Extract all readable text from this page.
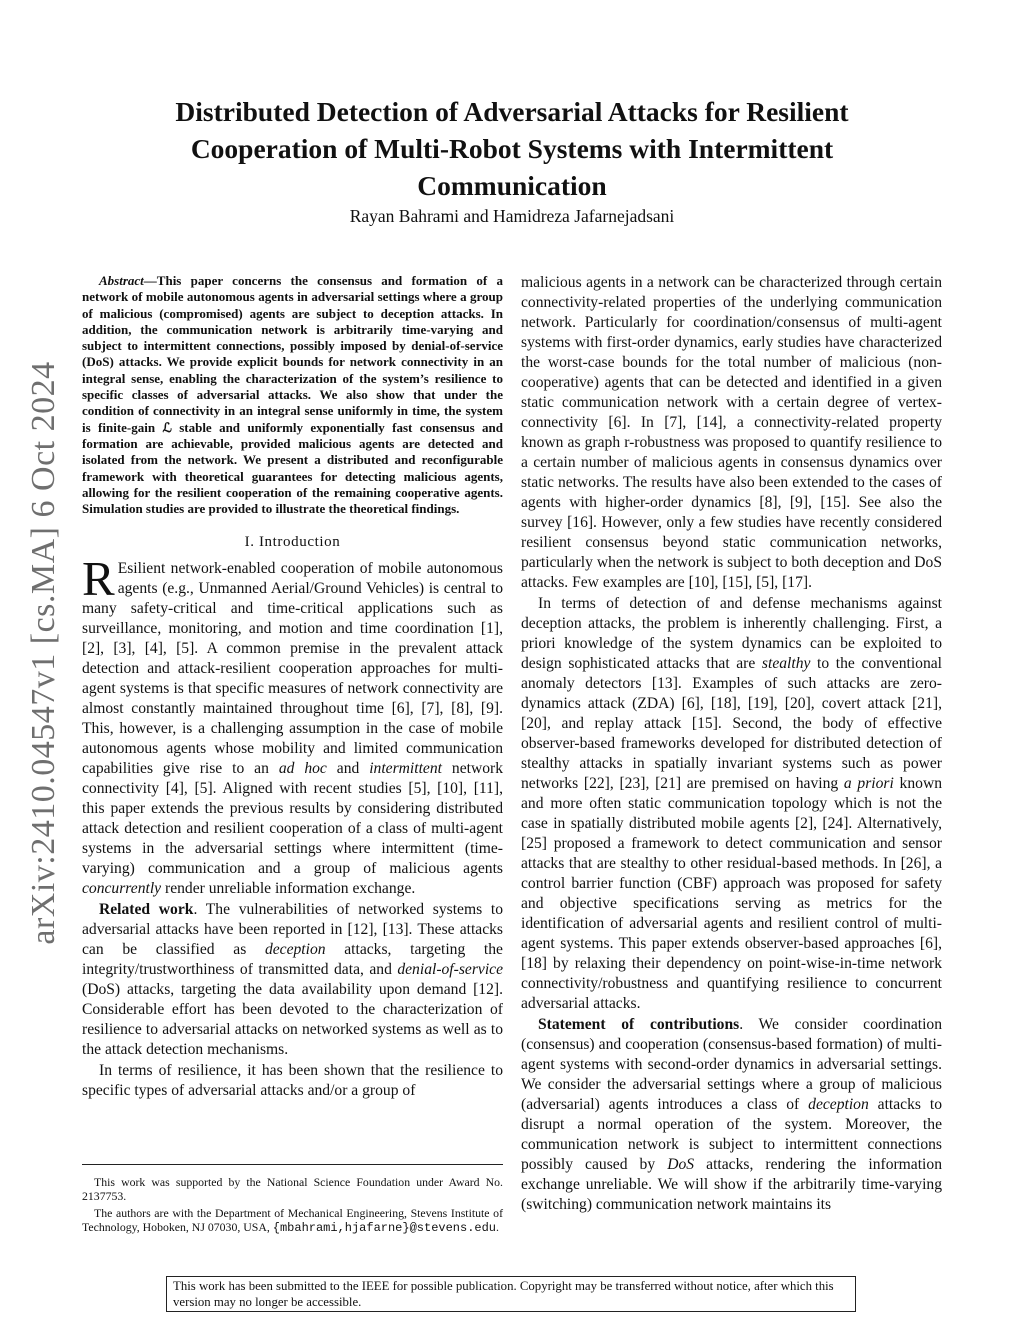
arXiv:2410.04547v1 [cs.MA] 6 Oct 2024
Distributed Detection of Adversarial Attacks for Resilient Cooperation of Multi-Robot Systems with Intermittent Communication
Rayan Bahrami and Hamidreza Jafarnejadsani

Abstract—This paper concerns the consensus and formation of a network of mobile autonomous agents in adversarial settings where a group of malicious (compromised) agents are subject to deception attacks. In addition, the communication network is arbitrarily time-varying and subject to intermittent connections, possibly imposed by denial-of-service (DoS) attacks. We provide explicit bounds for network connectivity in an integral sense, enabling the characterization of the system’s resilience to specific classes of adversarial attacks. We also show that under the condition of connectivity in an integral sense uniformly in time, the system is finite-gain ℒ stable and uniformly exponentially fast consensus and formation are achievable, provided malicious agents are detected and isolated from the network. We present a distributed and reconfigurable framework with theoretical guarantees for detecting malicious agents, allowing for the resilient cooperation of the remaining cooperative agents. Simulation studies are provided to illustrate the theoretical findings.

I. Introduction

R Esilient network-enabled cooperation of mobile autonomous agents (e.g., Unmanned Aerial/Ground Vehicles) is central to many safety-critical and time-critical applications such as surveillance, monitoring, and motion and time coordination [1], [2], [3], [4], [5]. A common premise in the prevalent attack detection and attack-resilient cooperation approaches for multi-agent systems is that specific measures of network connectivity are almost constantly maintained throughout time [6], [7], [8], [9]. This, however, is a challenging assumption in the case of mobile autonomous agents whose mobility and limited communication capabilities give rise to an ad hoc and intermittent network connectivity [4], [5]. Aligned with recent studies [5], [10], [11], this paper extends the previous results by considering distributed attack detection and resilient cooperation of a class of multi-agent systems in the adversarial settings where intermittent (time-varying) communication and a group of malicious agents concurrently render unreliable information exchange.

Related work. The vulnerabilities of networked systems to adversarial attacks have been reported in [12], [13]. These attacks can be classified as deception attacks, targeting the integrity/trustworthiness of transmitted data, and denial-of-service (DoS) attacks, targeting the data availability upon demand [12]. Considerable effort has been devoted to the characterization of resilience to adversarial attacks on networked systems as well as to the attack detection mechanisms.

In terms of resilience, it has been shown that the resilience to specific types of adversarial attacks and/or a group of

This work was supported by the National Science Foundation under Award No. 2137753.

The authors are with the Department of Mechanical Engineering, Stevens Institute of Technology, Hoboken, NJ 07030, USA, {mbahrami,hjafarne}@stevens.edu.

malicious agents in a network can be characterized through certain connectivity-related properties of the underlying communication network. Particularly for coordination/consensus of multi-agent systems with first-order dynamics, early studies have characterized the worst-case bounds for the total number of malicious (non-cooperative) agents that can be detected and identified in a given static communication network with a certain degree of vertex-connectivity [6]. In [7], [14], a connectivity-related property known as graph r-robustness was proposed to quantify resilience to a certain number of malicious agents in consensus dynamics over static networks. The results have also been extended to the cases of agents with higher-order dynamics [8], [9], [15]. See also the survey [16]. However, only a few studies have recently considered resilient consensus beyond static communication networks, particularly when the network is subject to both deception and DoS attacks. Few examples are [10], [15], [5], [17].

In terms of detection of and defense mechanisms against deception attacks, the problem is inherently challenging. First, a priori knowledge of the system dynamics can be exploited to design sophisticated attacks that are stealthy to the conventional anomaly detectors [13]. Examples of such attacks are zero-dynamics attack (ZDA) [6], [18], [19], [20], covert attack [21], [20], and replay attack [15]. Second, the body of effective observer-based frameworks developed for distributed detection of stealthy attacks in spatially invariant systems such as power networks [22], [23], [21] are premised on having a priori known and more often static communication topology which is not the case in spatially distributed mobile agents [2], [24]. Alternatively, [25] proposed a framework to detect communication and sensor attacks that are stealthy to other residual-based methods. In [26], a control barrier function (CBF) approach was proposed for safety and objective specifications serving as metrics for the identification of adversarial agents and resilient control of multi-agent systems. This paper extends observer-based approaches [6], [18] by relaxing their dependency on point-wise-in-time network connectivity/robustness and quantifying resilience to concurrent adversarial attacks.

Statement of contributions. We consider coordination (consensus) and cooperation (consensus-based formation) of multi-agent systems with second-order dynamics in adversarial settings. We consider the adversarial settings where a group of malicious (adversarial) agents introduces a class of deception attacks to disrupt a normal operation of the system. Moreover, the communication network is subject to intermittent connections possibly caused by DoS attacks, rendering the information exchange unreliable. We will show if the arbitrarily time-varying (switching) communication network maintains its

This work has been submitted to the IEEE for possible publication. Copyright may be transferred without notice, after which this version may no longer be accessible.
